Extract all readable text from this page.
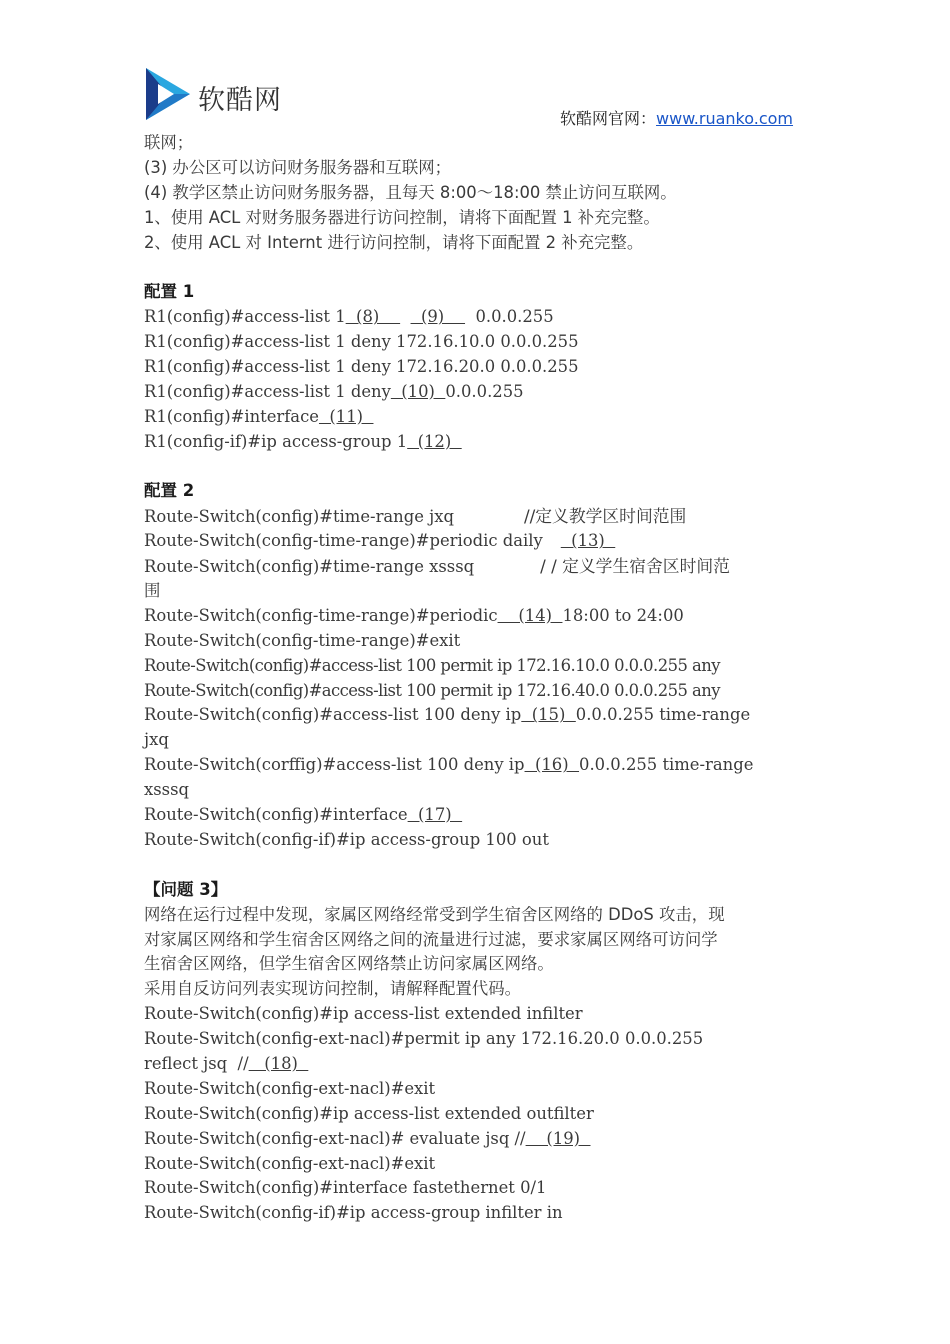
软酷网
软酷网官网：www.ruanko.com
联网；
(3) 办公区可以访问财务服务器和互联网；
(4) 教学区禁止访问财务服务器，且每天 8:00～18:00 禁止访问互联网。
1、使用 ACL 对财务服务器进行访问控制，请将下面配置 1 补充完整。
2、使用 ACL 对 Internt 进行访问控制，请将下面配置 2 补充完整。
配置 1
R1(config)#access-list 1  (8)        (9)      0.0.0.255
R1(config)#access-list 1 deny 172.16.10.0 0.0.0.255
R1(config)#access-list 1 deny 172.16.20.0 0.0.0.255
R1(config)#access-list 1 deny  (10)  0.0.0.255
R1(config)#interface  (11)
R1(config-if)#ip access-group 1  (12)
配置 2
Route-Switch(config)#time-range jxq	//定义教学区时间范围
Route-Switch(config-time-range)#periodic daily  (13)
Route-Switch(config)#time-range xsssq	/ / 定义学生宿舍区时间范
围
Route-Switch(config-time-range)#periodic    (14)  18:00 to 24:00
Route-Switch(config-time-range)#exit
Route-Switch(config)#access-list 100 permit ip 172.16.10.0 0.0.0.255 any
Route-Switch(config)#access-list 100 permit ip 172.16.40.0 0.0.0.255 any
Route-Switch(config)#access-list 100 deny ip  (15)  0.0.0.255 time-range
jxq
Route-Switch(corffig)#access-list 100 deny ip  (16)  0.0.0.255 time-range
xsssq
Route-Switch(config)#interface  (17)
Route-Switch(config-if)#ip access-group 100 out
【问题 3】
网络在运行过程中发现，家属区网络经常受到学生宿舍区网络的 DDoS 攻击，现
对家属区网络和学生宿舍区网络之间的流量进行过滤，要求家属区网络可访问学
生宿舍区网络，但学生宿舍区网络禁止访问家属区网络。
采用自反访问列表实现访问控制，请解释配置代码。
Route-Switch(config)#ip access-list extended infilter
Route-Switch(config-ext-nacl)#permit ip any 172.16.20.0 0.0.0.255
reflect jsq  //   (18)
Route-Switch(config-ext-nacl)#exit
Route-Switch(config)#ip access-list extended outfilter
Route-Switch(config-ext-nacl)# evaluate jsq //    (19)
Route-Switch(config-ext-nacl)#exit
Route-Switch(config)#interface fastethernet 0/1
Route-Switch(config-if)#ip access-group infilter in
